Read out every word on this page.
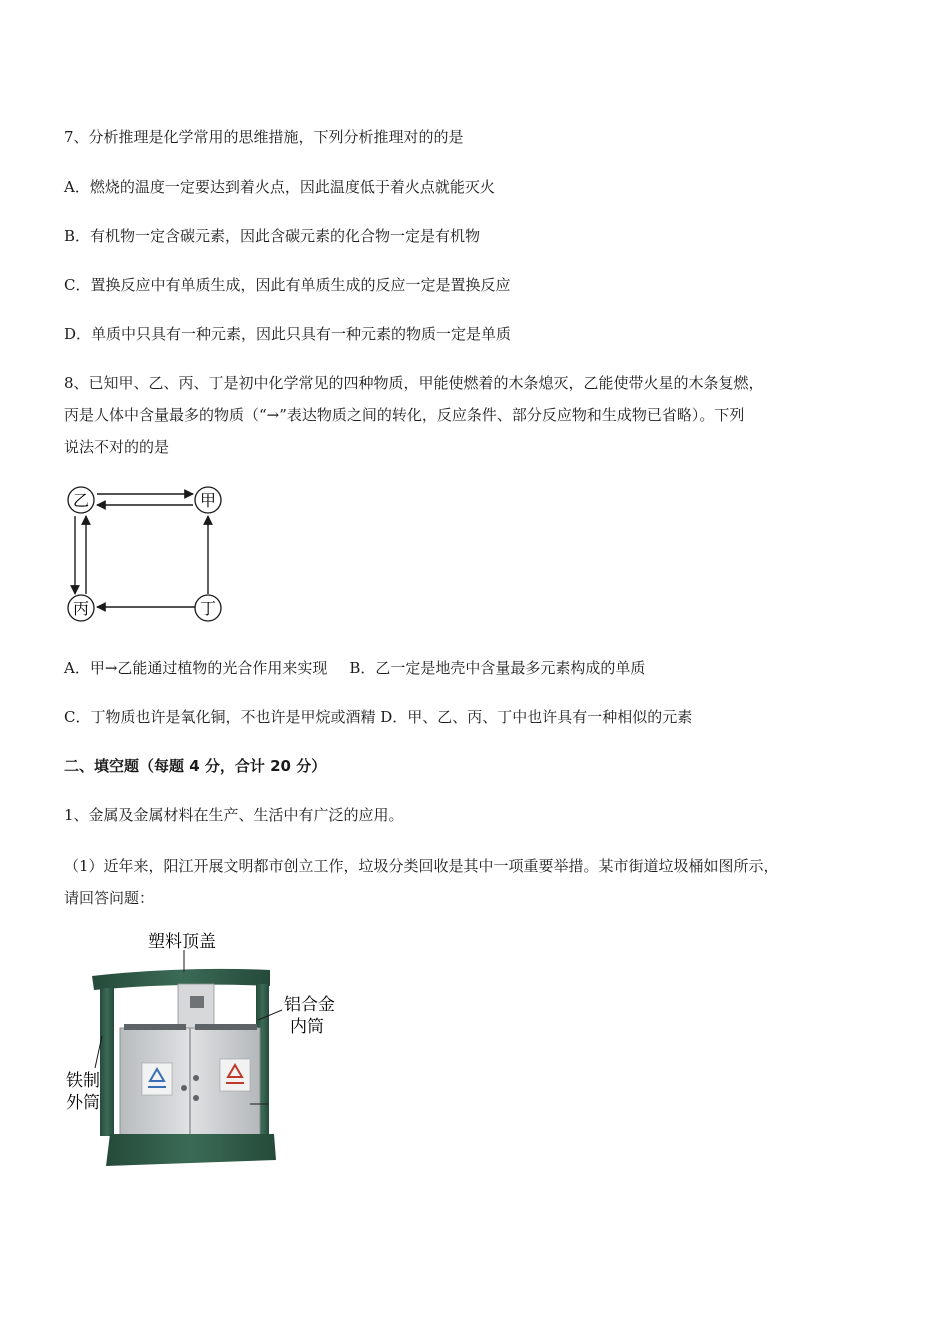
7、分析推理是化学常用的思维措施，下列分析推理对的的是
A．燃烧的温度一定要达到着火点，因此温度低于着火点就能灭火
B．有机物一定含碳元素，因此含碳元素的化合物一定是有机物
C．置换反应中有单质生成，因此有单质生成的反应一定是置换反应
D．单质中只具有一种元素，因此只具有一种元素的物质一定是单质
8、已知甲、乙、丙、丁是初中化学常见的四种物质，甲能使燃着的木条熄灭，乙能使带火星的木条复燃，
丙是人体中含量最多的物质（“→”表达物质之间的转化，反应条件、部分反应物和生成物已省略）。下列
说法不对的的是
乙	甲
丙	丁
A．甲→乙能通过植物的光合作用来实现 B．乙一定是地壳中含量最多元素构成的单质
C．丁物质也许是氧化铜，不也许是甲烷或酒精 D．甲、乙、丙、丁中也许具有一种相似的元素
二、填空题（每题 4 分，合计 20 分）
1、金属及金属材料在生产、生活中有广泛的应用。
（1）近年来，阳江开展文明都市创立工作，垃圾分类回收是其中一项重要举措。某市街道垃圾桶如图所示，
请回答问题：
塑料顶盖
铝合金
内筒
铁制
外筒
